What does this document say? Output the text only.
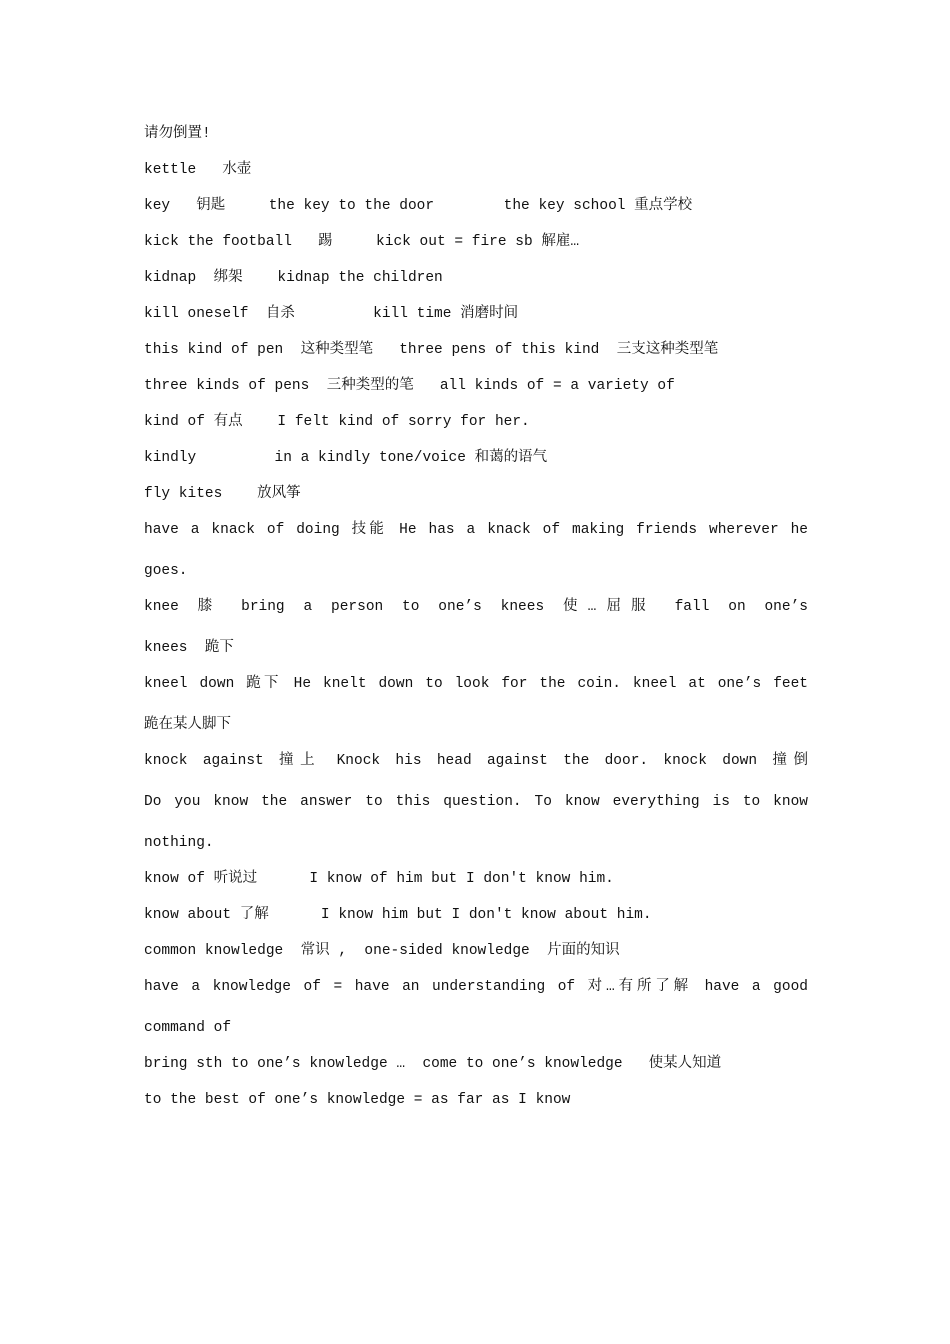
请勿倒置!
kettle   水壶
key   钥匙     the key to the door        the key school 重点学校
kick the football   踢     kick out = fire sb 解雇…
kidnap  绑架    kidnap the children
kill oneself  自杀         kill time 消磨时间
this kind of pen  这种类型笔   three pens of this kind  三支这种类型笔
three kinds of pens  三种类型的笔   all kinds of = a variety of
kind of 有点    I felt kind of sorry for her.
kindly         in a kindly tone/voice 和蔼的语气
fly kites    放风筝
have a knack of doing 技能 He has a knack of making friends wherever he
goes.
knee 膝 bring a person to one’s knees 使…屈服 fall on one’s
knees  跪下
kneel down 跪下 He knelt down to look for the coin. kneel at one’s feet
跪在某人脚下
knock against 撞上 Knock his head against the door. knock down 撞倒
Do you know the answer to this question. To know everything is to know
nothing.
know of 听说过      I know of him but I don't know him.
know about 了解      I know him but I don't know about him.
common knowledge  常识 ,  one-sided knowledge  片面的知识
have a knowledge of = have an understanding of 对…有所了解 have a good
command of
bring sth to one’s knowledge …  come to one’s knowledge   使某人知道
to the best of one’s knowledge = as far as I know
